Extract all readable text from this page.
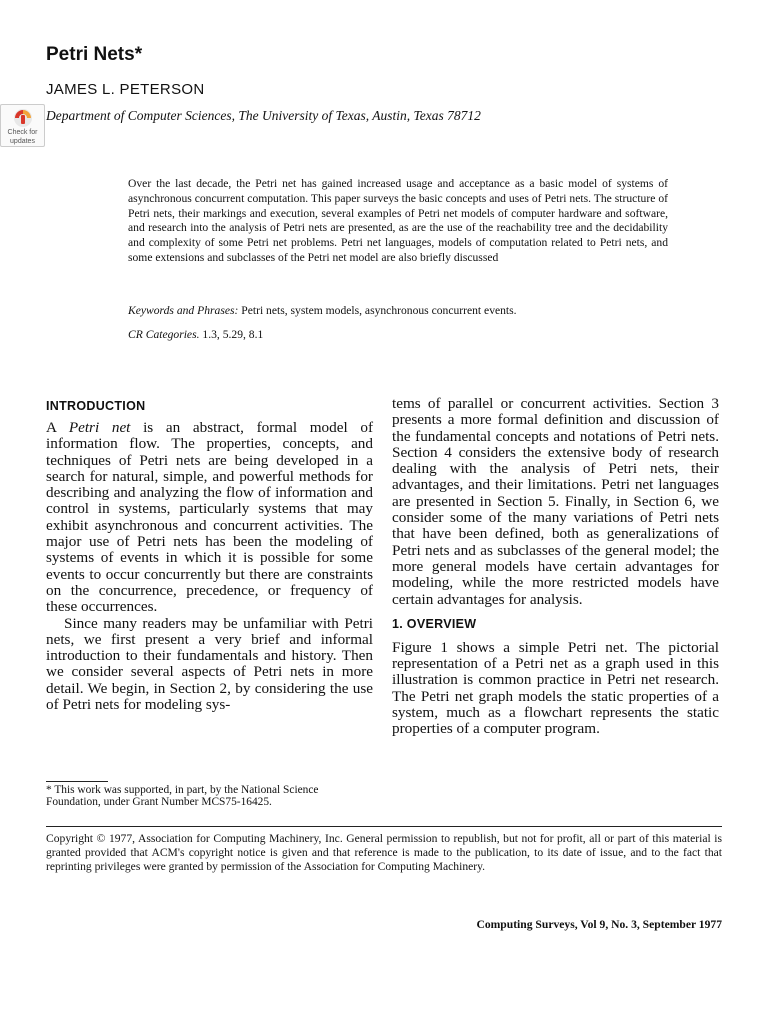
Petri Nets*
JAMES L. PETERSON
Department of Computer Sciences, The University of Texas, Austin, Texas 78712
Check for
updates
Over the last decade, the Petri net has gained increased usage and acceptance as a basic model of systems of asynchronous concurrent computation. This paper surveys the basic concepts and uses of Petri nets. The structure of Petri nets, their markings and execution, several examples of Petri net models of computer hardware and software, and research into the analysis of Petri nets are presented, as are the use of the reachability tree and the decidability and complexity of some Petri net problems. Petri net languages, models of computation related to Petri nets, and some extensions and subclasses of the Petri net model are also briefly discussed
Keywords and Phrases: Petri nets, system models, asynchronous concurrent events.
CR Categories. 1.3, 5.29, 8.1

INTRODUCTION

A Petri net is an abstract, formal model of information flow. The properties, concepts, and techniques of Petri nets are being developed in a search for natural, simple, and powerful methods for describing and analyzing the flow of information and control in systems, particularly systems that may exhibit asynchronous and concurrent activities. The major use of Petri nets has been the modeling of systems of events in which it is possible for some events to occur concurrently but there are constraints on the concurrence, precedence, or frequency of these occurrences.

Since many readers may be unfamiliar with Petri nets, we first present a very brief and informal introduction to their fundamentals and history. Then we consider several aspects of Petri nets in more detail. We begin, in Section 2, by considering the use of Petri nets for modeling sys-

tems of parallel or concurrent activities. Section 3 presents a more formal definition and discussion of the fundamental concepts and notations of Petri nets. Section 4 considers the extensive body of research dealing with the analysis of Petri nets, their advantages, and their limitations. Petri net languages are presented in Section 5. Finally, in Section 6, we consider some of the many variations of Petri nets that have been defined, both as generalizations of Petri nets and as subclasses of the general model; the more general models have certain advantages for modeling, while the more restricted models have certain advantages for analysis.

1. OVERVIEW

Figure 1 shows a simple Petri net. The pictorial representation of a Petri net as a graph used in this illustration is common practice in Petri net research. The Petri net graph models the static properties of a system, much as a flowchart represents the static properties of a computer program.

* This work was supported, in part, by the National Science Foundation, under Grant Number MCS75-16425.
Copyright © 1977, Association for Computing Machinery, Inc. General permission to republish, but not for profit, all or part of this material is granted provided that ACM's copyright notice is given and that reference is made to the publication, to its date of issue, and to the fact that reprinting privileges were granted by permission of the Association for Computing Machinery.
Computing Surveys, Vol 9, No. 3, September 1977
